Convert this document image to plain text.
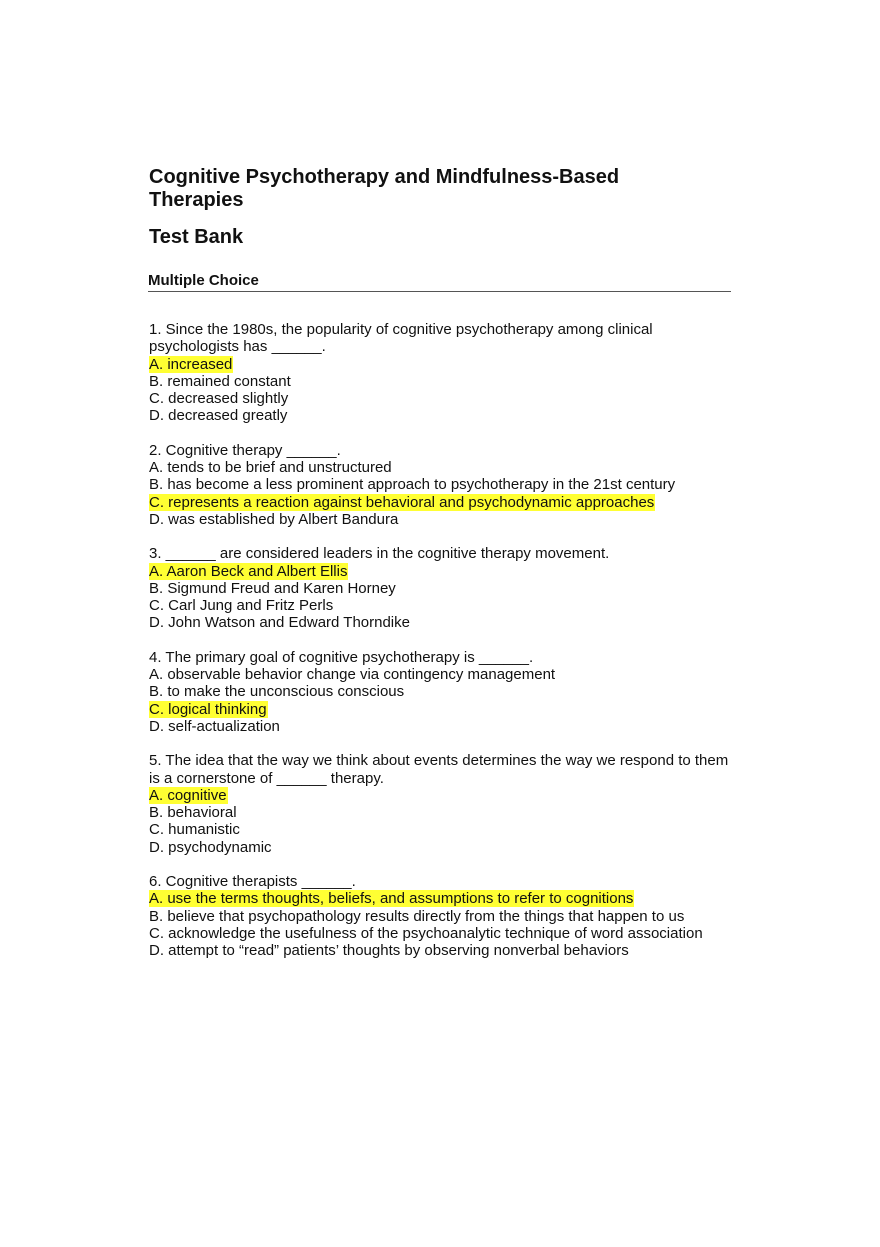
Cognitive Psychotherapy and Mindfulness-Based Therapies
Test Bank
Multiple Choice

1. Since the 1980s, the popularity of cognitive psychotherapy among clinical psychologists has ______.

A. increased
B. remained constant
C. decreased slightly
D. decreased greatly

2. Cognitive therapy ______.

A. tends to be brief and unstructured
B. has become a less prominent approach to psychotherapy in the 21st century
C. represents a reaction against behavioral and psychodynamic approaches
D. was established by Albert Bandura

3. ______ are considered leaders in the cognitive therapy movement.

A. Aaron Beck and Albert Ellis
B. Sigmund Freud and Karen Horney
C. Carl Jung and Fritz Perls
D. John Watson and Edward Thorndike

4. The primary goal of cognitive psychotherapy is ______.

A. observable behavior change via contingency management
B. to make the unconscious conscious
C. logical thinking
D. self-actualization

5. The idea that the way we think about events determines the way we respond to them is a cornerstone of ______ therapy.

A. cognitive
B. behavioral
C. humanistic
D. psychodynamic

6. Cognitive therapists ______.

A. use the terms thoughts, beliefs, and assumptions to refer to cognitions
B. believe that psychopathology results directly from the things that happen to us
C. acknowledge the usefulness of the psychoanalytic technique of word association
D. attempt to “read” patients’ thoughts by observing nonverbal behaviors
